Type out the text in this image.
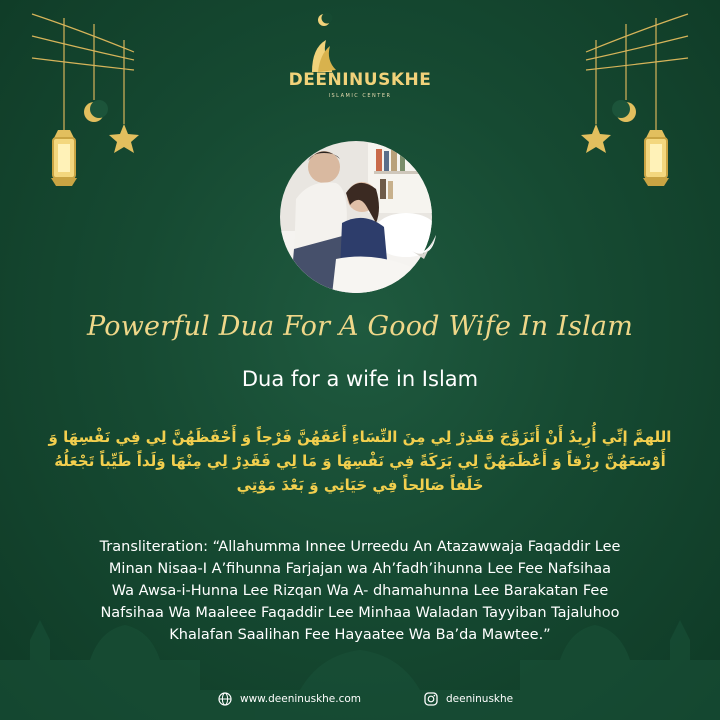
DEENINUSKHE
ISLAMIC CENTER
Powerful Dua For A Good Wife In Islam
Dua for a wife in Islam
اللهمَّ إنِّي أُرِيدُ أَنْ أَتَزَوَّجَ فَقَدِرْ لِي مِنَ النِّسَاءِ أَعَفَهُنَّ فَرْجاً وَ أَحْفَظَهُنَّ لِي فِي نَفْسِهَا وَ
أَوْسَعَهُنَّ رِزْقاً وَ أَعْظَمَهُنَّ لِي بَرَكَةً فِي نَفْسِهَا وَ مَا لِي فَقَدِرْ لِي مِنْهَا وَلَداً طَيِّباً تَجْعَلُهُ
خَلَفاً صَالِحاً فِي حَيَاتِي وَ بَعْدَ مَوْتِي
Transliteration: “Allahumma Innee Urreedu An Atazawwaja Faqaddir Lee
Minan Nisaa-I A’fihunna Farjajan wa Ah’fadh’ihunna Lee Fee Nafsihaa
Wa Awsa-i-Hunna Lee Rizqan Wa A- dhamahunna Lee Barakatan Fee
Nafsihaa Wa Maaleee Faqaddir Lee Minhaa Waladan Tayyiban Tajaluhoo
Khalafan Saalihan Fee Hayaatee Wa Ba’da Mawtee.”
www.deeninuskhe.com	deeninuskhe
